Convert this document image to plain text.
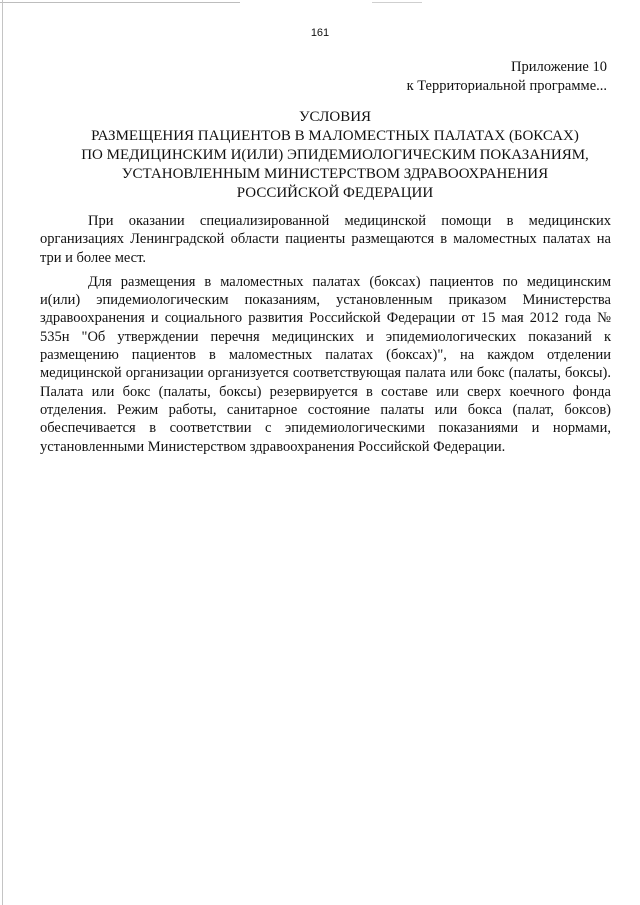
161
Приложение 10
к Территориальной программе...
УСЛОВИЯ
РАЗМЕЩЕНИЯ ПАЦИЕНТОВ В МАЛОМЕСТНЫХ ПАЛАТАХ (БОКСАХ)
ПО МЕДИЦИНСКИМ И(ИЛИ) ЭПИДЕМИОЛОГИЧЕСКИМ ПОКАЗАНИЯМ,
УСТАНОВЛЕННЫМ МИНИСТЕРСТВОМ ЗДРАВООХРАНЕНИЯ
РОССИЙСКОЙ ФЕДЕРАЦИИ

При оказании специализированной медицинской помощи в медицинских организациях Ленинградской области пациенты размещаются в маломестных палатах на три и более мест.

Для размещения в маломестных палатах (боксах) пациентов по медицинским и(или) эпидемиологическим показаниям, установленным приказом Министерства здравоохранения и социального развития Российской Федерации от 15 мая 2012 года № 535н "Об утверждении перечня медицинских и эпидемиологических показаний к размещению пациентов в маломестных палатах (боксах)", на каждом отделении медицинской организации организуется соответствующая палата или бокс (палаты, боксы). Палата или бокс (палаты, боксы) резервируется в составе или сверх коечного фонда отделения. Режим работы, санитарное состояние палаты или бокса (палат, боксов) обеспечивается в соответствии с эпидемиологическими показаниями и нормами, установленными Министерством здравоохранения Российской Федерации.
